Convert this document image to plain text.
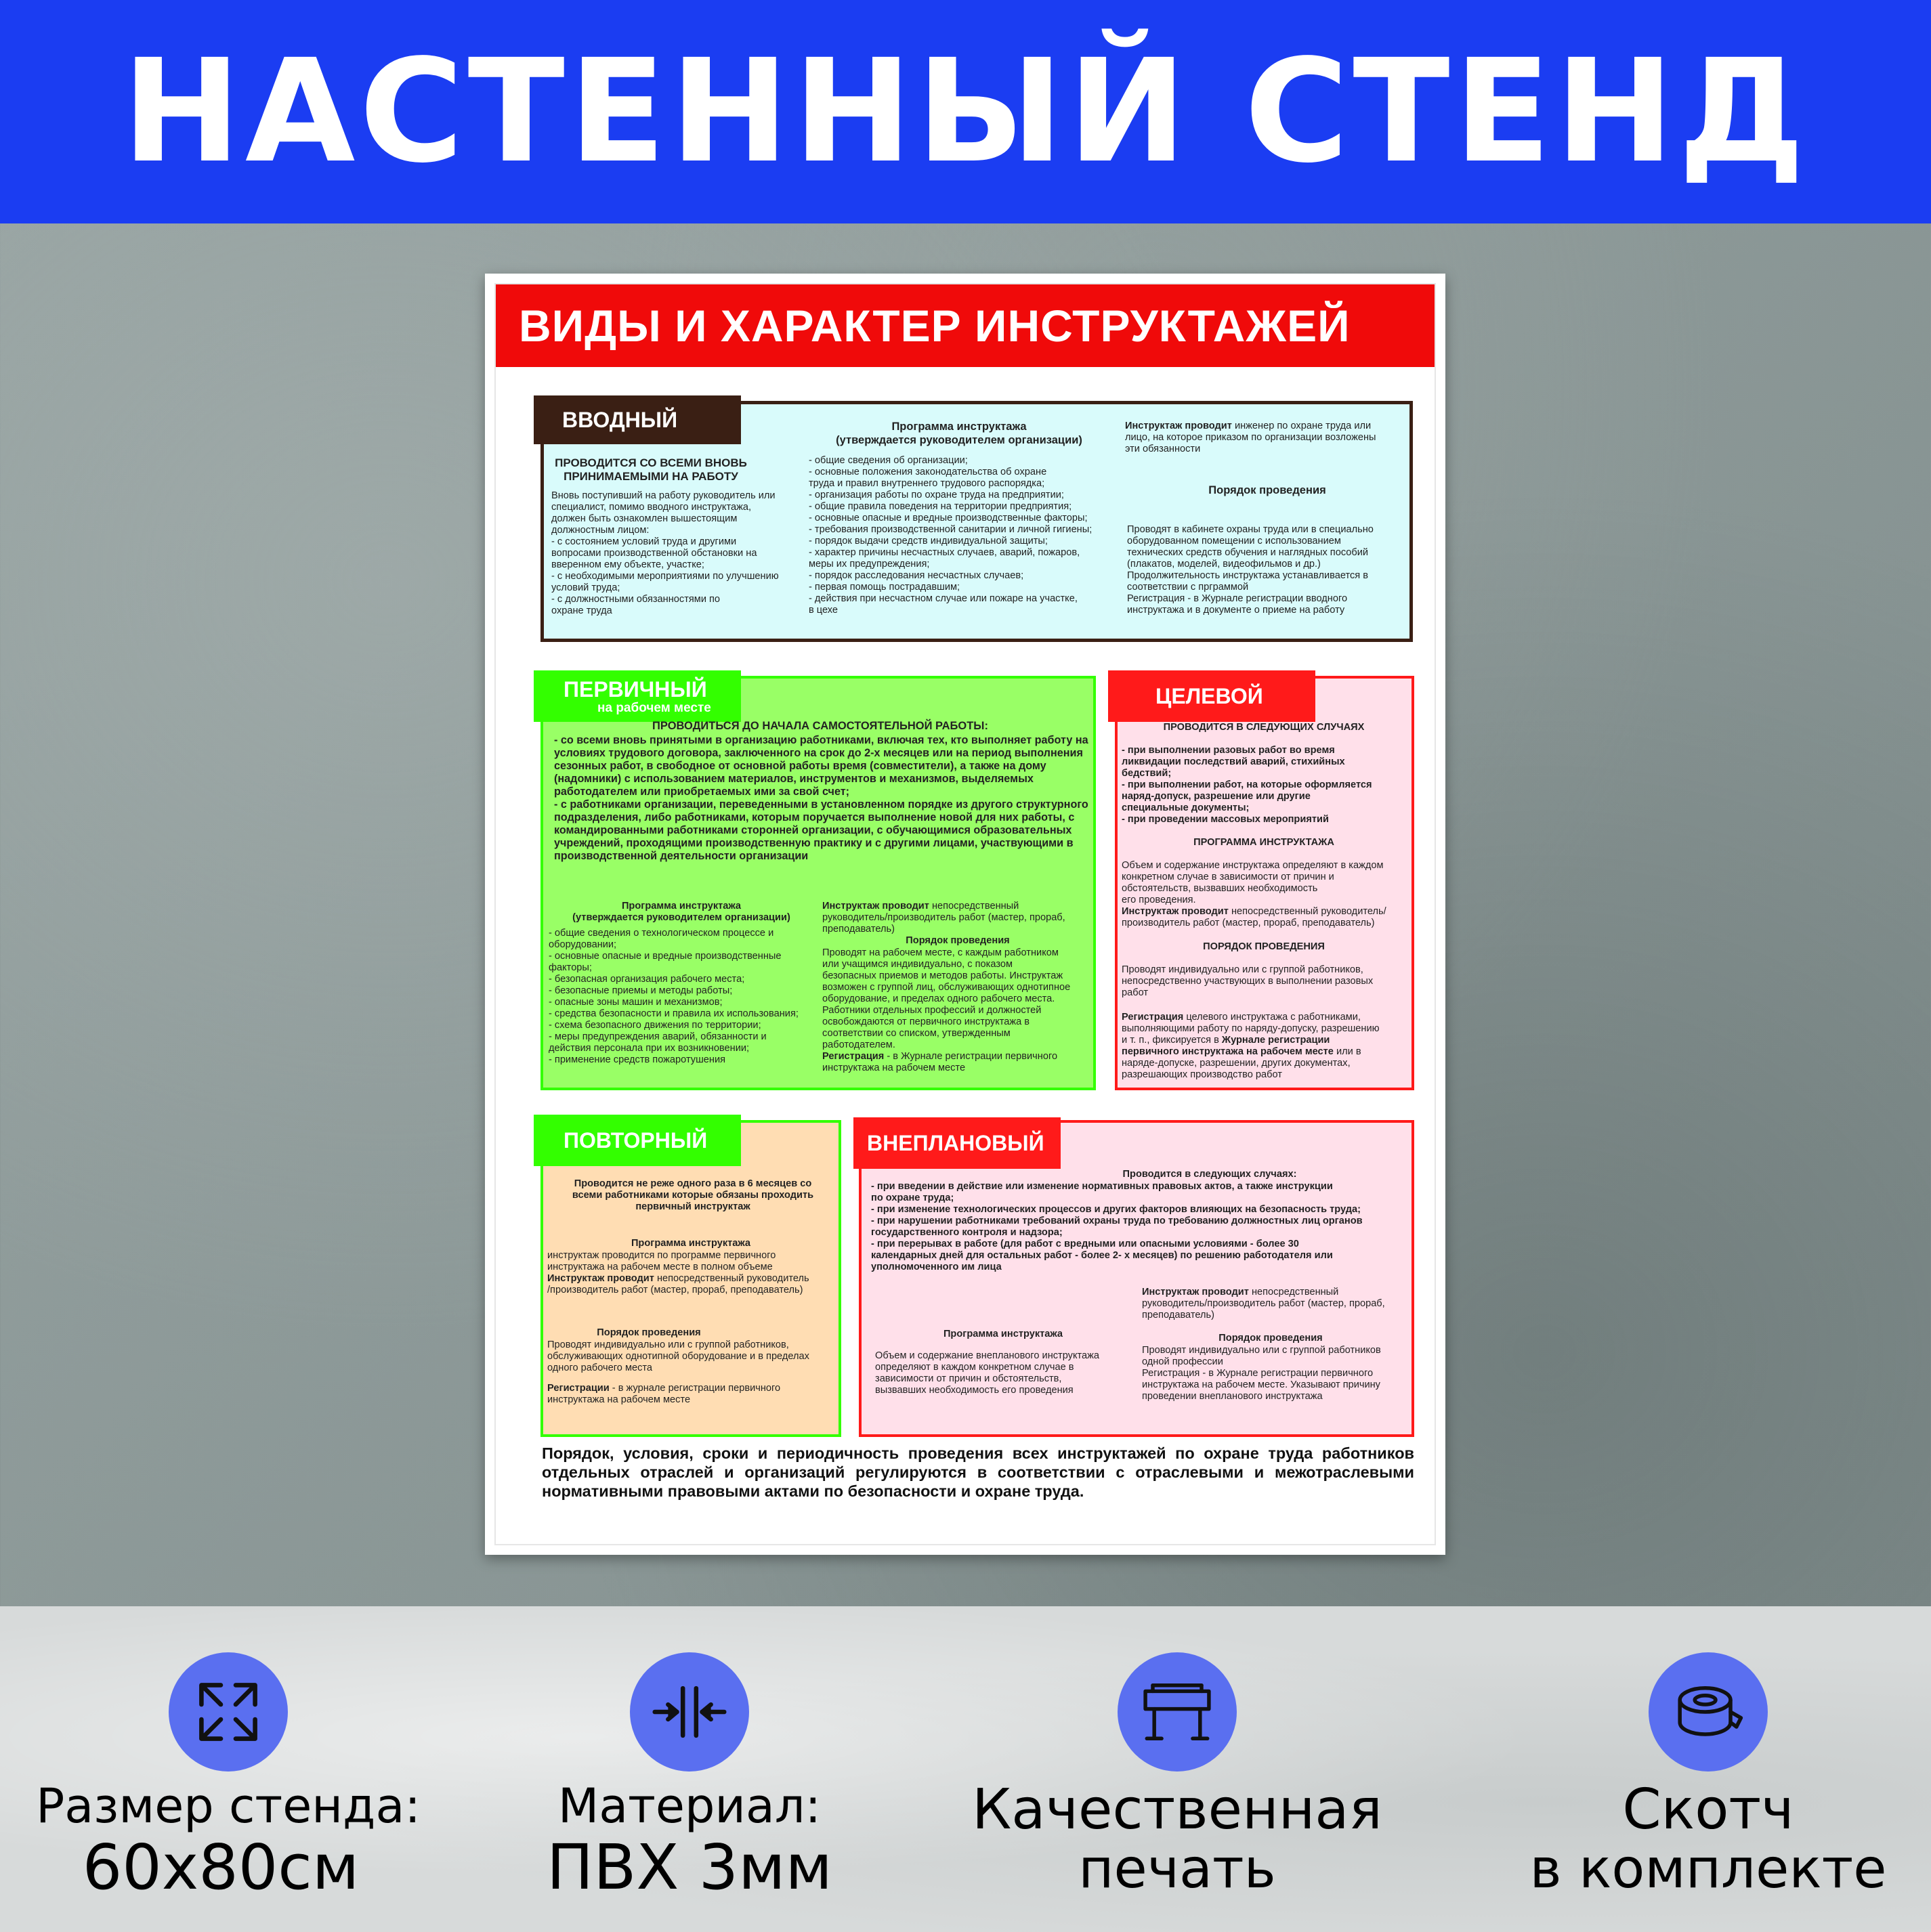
НАСТЕННЫЙ СТЕНД
ВИДЫ И ХАРАКТЕР ИНСТРУКТАЖЕЙ
ВВОДНЫЙ
ПРОВОДИТСЯ СО ВСЕМИ ВНОВЬ
ПРИНИМАЕМЫМИ НА РАБОТУ
Вновь поступивший на работу руководитель или
специалист, помимо вводного инструктажа,
должен быть ознакомлен вышестоящим
должностным лицом:
- с состоянием условий труда и другими
вопросами производственной обстановки на
вверенном ему объекте, участке;
- с необходимыми мероприятиями по улучшению
условий труда;
- с должностными обязанностями по
охране труда
Программа инструктажа
(утверждается руководителем организации)
- общие сведения об организации;
- основные положения законодательства об охране
труда и правил внутреннего трудового распорядка;
- организация работы по охране труда на предприятии;
- общие правила поведения на территории предприятия;
- основные опасные и вредные производственные факторы;
- требования производственной санитарии и личной гигиены;
- порядок выдачи средств индивидуальной защиты;
- характер причины несчастных случаев, аварий, пожаров,
меры их предупреждения;
- порядок расследования несчастных случаев;
- первая помощь пострадавшим;
- действия при несчастном случае или пожаре на участке,
в цехе
Инструктаж проводит инженер по охране труда или
лицо, на которое приказом по организации возложены
эти обязанности
Порядок проведения
Проводят в кабинете охраны труда или в специально
оборудованном помещении с использованием
технических средств обучения и наглядных пособий
(плакатов, моделей, видеофильмов и др.)
Продолжительность инструктажа устанавливается в
соответствии с прграммой
Регистрация - в Журнале регистрации вводного
инструктажа и в документе о приеме на работу
ПЕРВИЧНЫЙ
на рабочем месте
ПРОВОДИТЬСЯ ДО НАЧАЛА САМОСТОЯТЕЛЬНОЙ РАБОТЫ:
- со всеми вновь принятыми в организацию работниками, включая тех, кто выполняет работу на условиях трудового договора, заключенного на срок до 2-х месяцев или на период выполнения сезонных работ, в свободное от основной работы время (совместители), а также на дому (надомники) с использованием материалов, инструментов и механизмов, выделяемых работодателем или приобретаемых ими за свой счет;
- с работниками организации, переведенными в установленном порядке из другого структурного подразделения, либо работниками, которым поручается выполнение новой для них работы, с командированными работниками сторонней организации, с обучающимися образовательных учреждений, проходящими производственную практику и с другими лицами, участвующими в производственной деятельности организации
Программа инструктажа
(утверждается руководителем организации)
- общие сведения о технологическом процессе и
оборудовании;
- основные опасные и вредные производственные
факторы;
- безопасная организация рабочего места;
- безопасные приемы и методы работы;
- опасные зоны машин и механизмов;
- средства безопасности и правила их использования;
- схема безопасного движения по территории;
- меры предупреждения аварий, обязанности и
действия персонала при их возникновении;
- применение средств пожаротушения
Инструктаж проводит непосредственный
руководитель/производитель работ (мастер, прораб,
преподаватель)
Порядок проведения
Проводят на рабочем месте, с каждым работником
или учащимся индивидуально, с показом
безопасных приемов и методов работы. Инструктаж
возможен с группой лиц, обслуживающих однотипное
оборудование, и пределах одного рабочего места.
Работники отдельных профессий и должностей
освобождаются от первичного инструктажа в
соответствии со списком, утвержденным
работодателем.
Регистрация - в Журнале регистрации первичного
инструктажа на рабочем месте
ЦЕЛЕВОЙ
ПРОВОДИТСЯ В СЛЕДУЮЩИХ СЛУЧАЯХ
- при выполнении разовых работ во время
ликвидации последствий аварий, стихийных
бедствий;
- при выполнении работ, на которые оформляется
наряд-допуск, разрешение или другие
специальные документы;
- при проведении массовых мероприятий
ПРОГРАММА ИНСТРУКТАЖА
Объем и содержание инструктажа определяют в каждом
конкретном случае в зависимости от причин и
обстоятельств, вызвавших необходимость
его проведения.
Инструктаж проводит непосредственный руководитель/
производитель работ (мастер, прораб, преподаватель)
ПОРЯДОК ПРОВЕДЕНИЯ
Проводят индивидуально или с группой работников,
непосредственно участвующих в выполнении разовых
работ
Регистрация целевого инструктажа с работниками,
выполняющими работу по наряду-допуску, разрешению
и т. п., фиксируется в Журнале регистрации
первичного инструктажа на рабочем месте или в
наряде-допуске, разрешении, других документах,
разрешающих производство работ
ПОВТОРНЫЙ
Проводится не реже одного раза в 6 месяцев со
всеми работниками которые обязаны проходить
первичный инструктаж
Программа инструктажа
инструктаж проводится по программе первичного
инструктажа на рабочем месте в полном объеме
Инструктаж проводит непосредственный руководитель
/производитель работ (мастер, прораб, преподаватель)
Порядок проведения
Проводят индивидуально или с группой работников,
обслуживающих однотипной оборудование и в пределах
одного рабочего места
Регистрации - в журнале регистрации первичного
инструктажа на рабочем месте
ВНЕПЛАНОВЫЙ
Проводится в следующих случаях:
- при введении в действие или изменение нормативных правовых актов, а также инструкции
по охране труда;
- при изменение технологических процессов и других факторов влияющих на безопасность труда;
- при нарушении работниками требований охраны труда по требованию должностных лиц органов
государственного контроля и надзора;
- при перерывах в работе (для работ с вредными или опасными условиями - более 30
календарных дней для остальных работ - более 2- х месяцев) по решению работодателя или
уполномоченного им лица
Инструктаж проводит непосредственный
руководитель/производитель работ (мастер, прораб,
преподаватель)
Программа инструктажа
Объем и содержание внепланового инструктажа
определяют в каждом конкретном случае в
зависимости от причин и обстоятельств,
вызвавших необходимость его проведения
Порядок проведения
Проводят индивидуально или с группой работников
одной профессии
Регистрация - в Журнале регистрации первичного
инструктажа на рабочем месте. Указывают причину
проведении внепланового инструктажа
Порядок, условия, сроки и периодичность проведения всех инструктажей по охране труда работников отдельных отраслей и организаций регулируются в соответствии с отраслевыми и межотраслевыми нормативными правовыми актами по безопасности и охране труда.
Размер стенда:
60x80см
Материал:
ПВХ 3мм
Качественная
печать
Скотч
в комплекте
